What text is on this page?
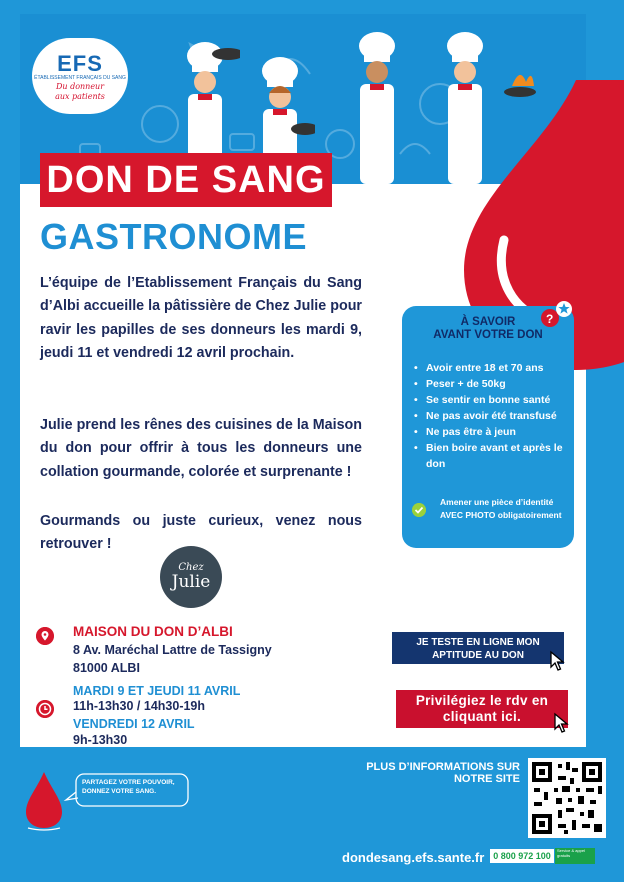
EFS
ÉTABLISSEMENT FRANÇAIS DU SANG
Du donneur
aux patients
DON DE SANG
GASTRONOME
L’équipe de l’Etablissement Français du Sang d’Albi accueille la pâtissière de Chez Julie pour ravir les papilles de ses donneurs les mardi 9, jeudi 11 et vendredi 12 avril prochain.
Julie prend les rênes des cuisines de la Maison du don pour offrir à tous les donneurs une collation gourmande, colorée et surprenante !
Gourmands ou juste curieux, venez nous retrouver !
Chez
Julie
?
À SAVOIR
AVANT VOTRE DON
• Avoir entre 18 et 70 ans
• Peser + de 50kg
• Se sentir en bonne santé
• Ne pas avoir été transfusé
• Ne pas être à jeun
• Bien boire avant et après le don
Amener une pièce d’identité AVEC PHOTO obligatoirement
MAISON DU DON D’ALBI
8 Av. Maréchal Lattre de Tassigny
81000 ALBI
MARDI 9 ET JEUDI 11 AVRIL
11h-13h30 / 14h30-19h
VENDREDI 12 AVRIL
9h-13h30
JE TESTE EN LIGNE MON APTITUDE AU DON
Privilégiez le rdv en cliquant ici.
PARTAGEZ VOTRE POUVOIR,
DONNEZ VOTRE SANG.
PLUS D’INFORMATIONS SUR
NOTRE SITE
dondesang.efs.sante.fr 0 800 972 100
Service & appel gratuits
